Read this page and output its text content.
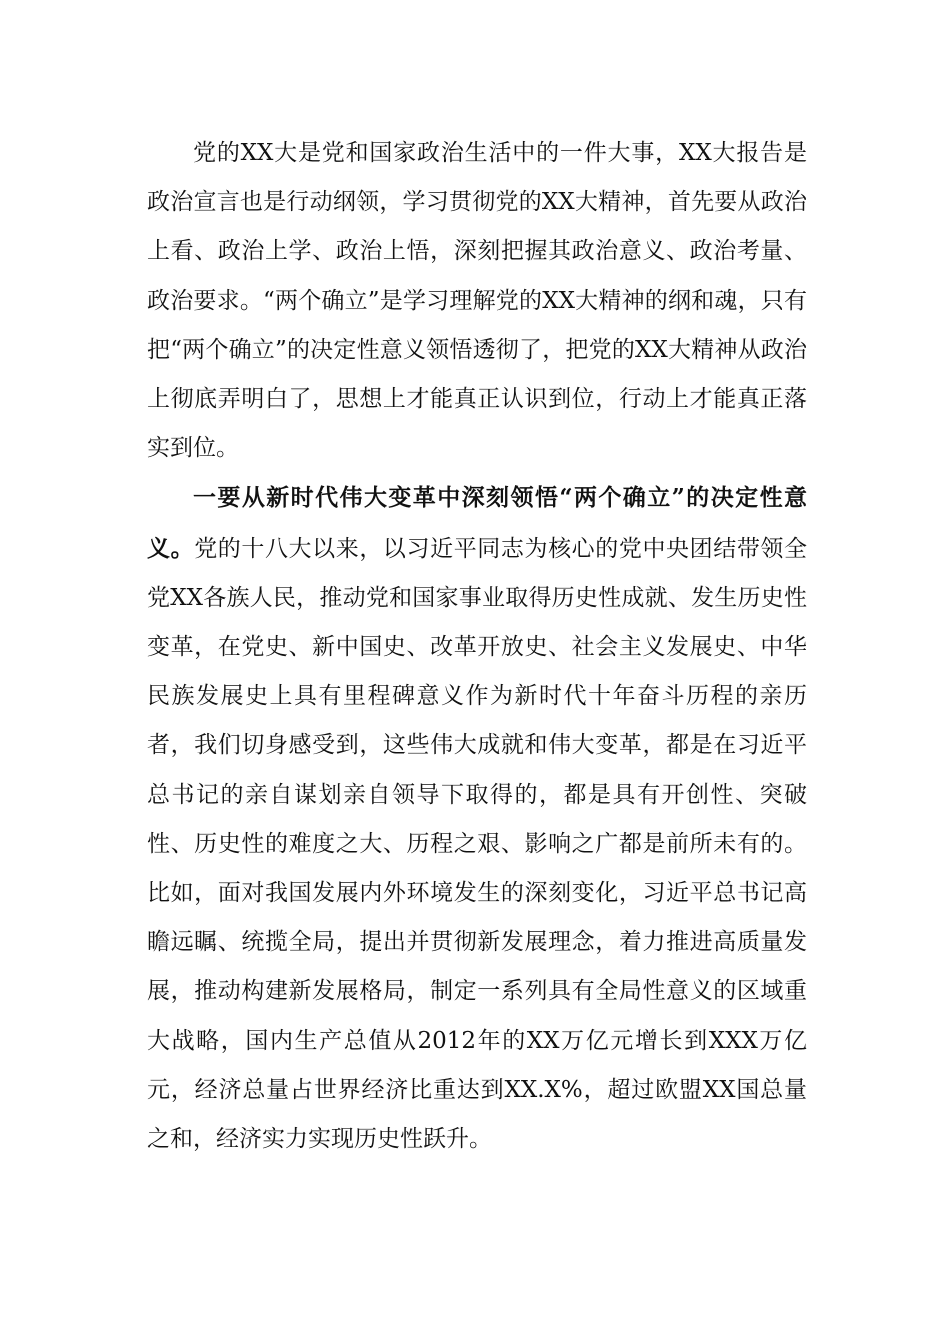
党的XX大是党和国家政治生活中的一件大事，XX大报告是政治宣言也是行动纲领，学习贯彻党的XX大精神，首先要从政治上看、政治上学、政治上悟，深刻把握其政治意义、政治考量、政治要求。“两个确立”是学习理解党的XX大精神的纲和魂，只有把“两个确立”的决定性意义领悟透彻了，把党的XX大精神从政治上彻底弄明白了，思想上才能真正认识到位，行动上才能真正落实到位。

一要从新时代伟大变革中深刻领悟“两个确立”的决定性意义。党的十八大以来，以习近平同志为核心的党中央团结带领全党XX各族人民，推动党和国家事业取得历史性成就、发生历史性变革，在党史、新中国史、改革开放史、社会主义发展史、中华民族发展史上具有里程碑意义作为新时代十年奋斗历程的亲历者，我们切身感受到，这些伟大成就和伟大变革，都是在习近平总书记的亲自谋划亲自领导下取得的，都是具有开创性、突破性、历史性的难度之大、历程之艰、影响之广都是前所未有的。比如，面对我国发展内外环境发生的深刻变化，习近平总书记高瞻远瞩、统揽全局，提出并贯彻新发展理念，着力推进高质量发展，推动构建新发展格局，制定一系列具有全局性意义的区域重大战略，国内生产总值从2012年的XX万亿元增长到XXX万亿元，经济总量占世界经济比重达到XX.X%，超过欧盟XX国总量之和，经济实力实现历史性跃升。
